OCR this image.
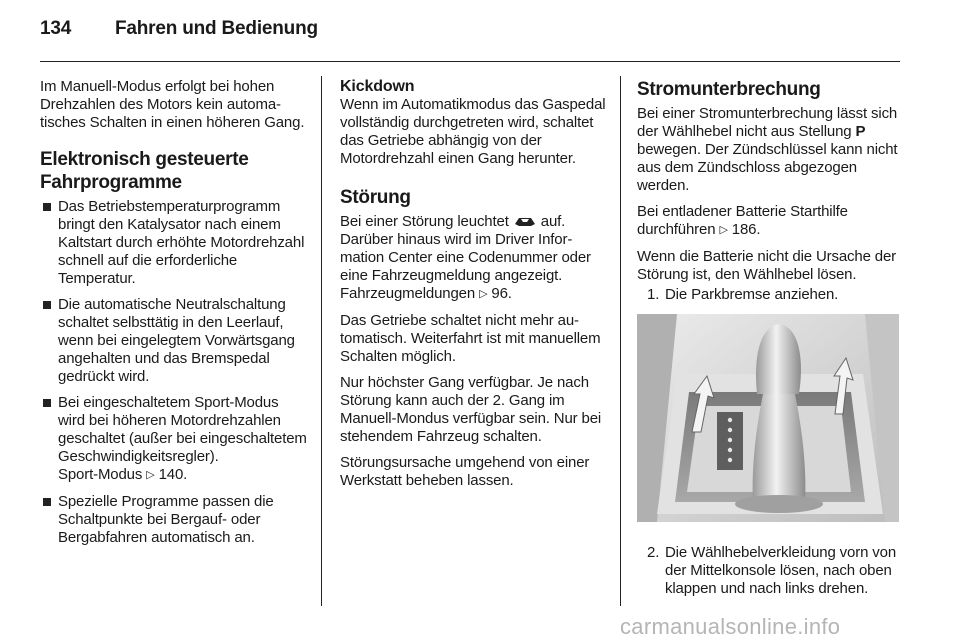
134 Fahren und Bedienung

Im Manuell-Modus erfolgt bei hohen Drehzahlen des Motors kein automatisches Schalten in einen höheren Gang.

Elektronisch gesteuerte Fahrprogramme
Das Betriebstemperaturprogramm bringt den Katalysator nach einem Kaltstart durch erhöhte Motordrehzahl schnell auf die erforderliche Temperatur.
Die automatische Neutralschaltung schaltet selbsttätig in den Leerlauf, wenn bei eingelegtem Vorwärtsgang angehalten und das Bremspedal gedrückt wird.
Bei eingeschaltetem Sport-Modus wird bei höheren Motordrehzahlen geschaltet (außer bei eingeschaltetem Geschwindigkeitsregler).
Sport-Modus ▷ 140.
Spezielle Programme passen die Schaltpunkte bei Bergauf- oder Bergabfahren automatisch an.
Kickdown

Wenn im Automatikmodus das Gaspedal vollständig durchgetreten wird, schaltet das Getriebe abhängig von der Motordrehzahl einen Gang herunter.

Störung

Bei einer Störung leuchtet auf. Darüber hinaus wird im Driver Information Center eine Codenummer oder eine Fahrzeugmeldung angezeigt. Fahrzeugmeldungen ▷ 96.

Das Getriebe schaltet nicht mehr automatisch. Weiterfahrt ist mit manuellem Schalten möglich.

Nur höchster Gang verfügbar. Je nach Störung kann auch der 2. Gang im Manuell-Mondus verfügbar sein. Nur bei stehendem Fahrzeug schalten.

Störungsursache umgehend von einer Werkstatt beheben lassen.

Stromunterbrechung

Bei einer Stromunterbrechung lässt sich der Wählhebel nicht aus Stellung P bewegen. Der Zündschlüssel kann nicht aus dem Zündschloss abgezogen werden.

Bei entladener Batterie Starthilfe durchführen ▷ 186.

Wenn die Batterie nicht die Ursache der Störung ist, den Wählhebel lösen.

1. Die Parkbremse anziehen.
2. Die Wählhebelverkleidung vorn von der Mittelkonsole lösen, nach oben klappen und nach links drehen.
carmanualsonline.info
